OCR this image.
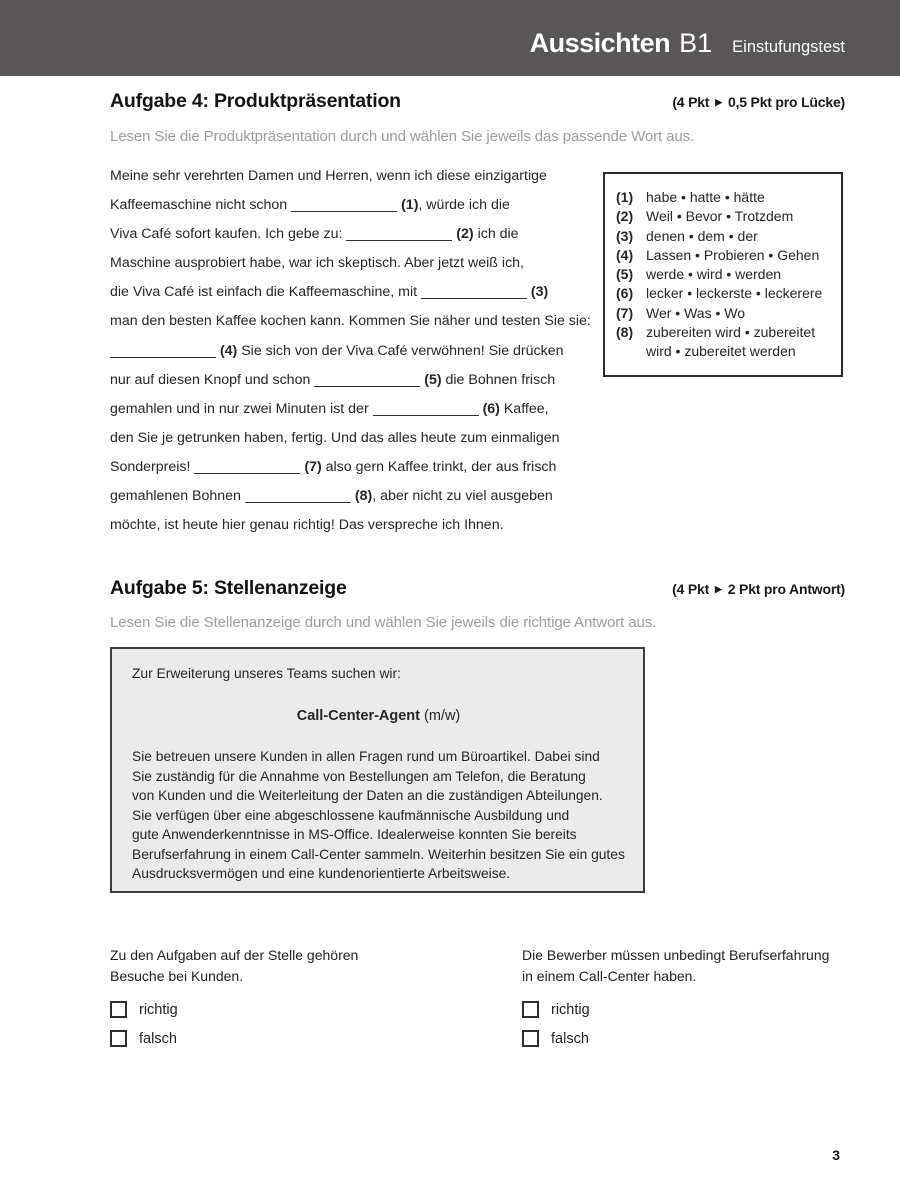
Aussichten B1 Einstufungstest
Aufgabe 4: Produktpräsentation	(4 Pkt ▶ 0,5 Pkt pro Lücke)
Lesen Sie die Produktpräsentation durch und wählen Sie jeweils das passende Wort aus.
Meine sehr verehrten Damen und Herren, wenn ich diese einzigartige
Kaffeemaschine nicht schon	(1), würde ich die
Viva Café sofort kaufen. Ich gebe zu:	(2) ich die
Maschine ausprobiert habe, war ich skeptisch. Aber jetzt weiß ich,
die Viva Café ist einfach die Kaffeemaschine, mit	(3)
man den besten Kaffee kochen kann. Kommen Sie näher und testen Sie sie:
(4) Sie sich von der Viva Café verwöhnen! Sie drücken
nur auf diesen Knopf und schon	(5) die Bohnen frisch
gemahlen und in nur zwei Minuten ist der	(6) Kaffee,
den Sie je getrunken haben, fertig. Und das alles heute zum einmaligen
Sonderpreis!	(7) also gern Kaffee trinkt, der aus frisch
gemahlenen Bohnen	(8), aber nicht zu viel ausgeben
möchte, ist heute hier genau richtig! Das verspreche ich Ihnen.
(1) habe • hatte • hätte
(2) Weil • Bevor • Trotzdem
(3) denen • dem • der
(4) Lassen • Probieren • Gehen
(5) werde • wird • werden
(6) lecker • leckerste • leckerere
(7) Wer • Was • Wo
(8) zubereiten wird • zubereitet wird • zubereitet werden
Aufgabe 5: Stellenanzeige	(4 Pkt ▶ 2 Pkt pro Antwort)
Lesen Sie die Stellenanzeige durch und wählen Sie jeweils die richtige Antwort aus.
Zur Erweiterung unseres Teams suchen wir:
Call-Center-Agent (m/w)
Sie betreuen unsere Kunden in allen Fragen rund um Büroartikel. Dabei sind
Sie zuständig für die Annahme von Bestellungen am Telefon, die Beratung
von Kunden und die Weiterleitung der Daten an die zuständigen Abteilungen.
Sie verfügen über eine abgeschlossene kaufmännische Ausbildung und
gute Anwenderkenntnisse in MS-Office. Idealerweise konnten Sie bereits
Berufserfahrung in einem Call-Center sammeln. Weiterhin besitzen Sie ein gutes
Ausdrucksvermögen und eine kundenorientierte Arbeitsweise.
Zu den Aufgaben auf der Stelle gehören
Besuche bei Kunden.
richtig
falsch
Die Bewerber müssen unbedingt Berufserfahrung
in einem Call-Center haben.
richtig
falsch
3
